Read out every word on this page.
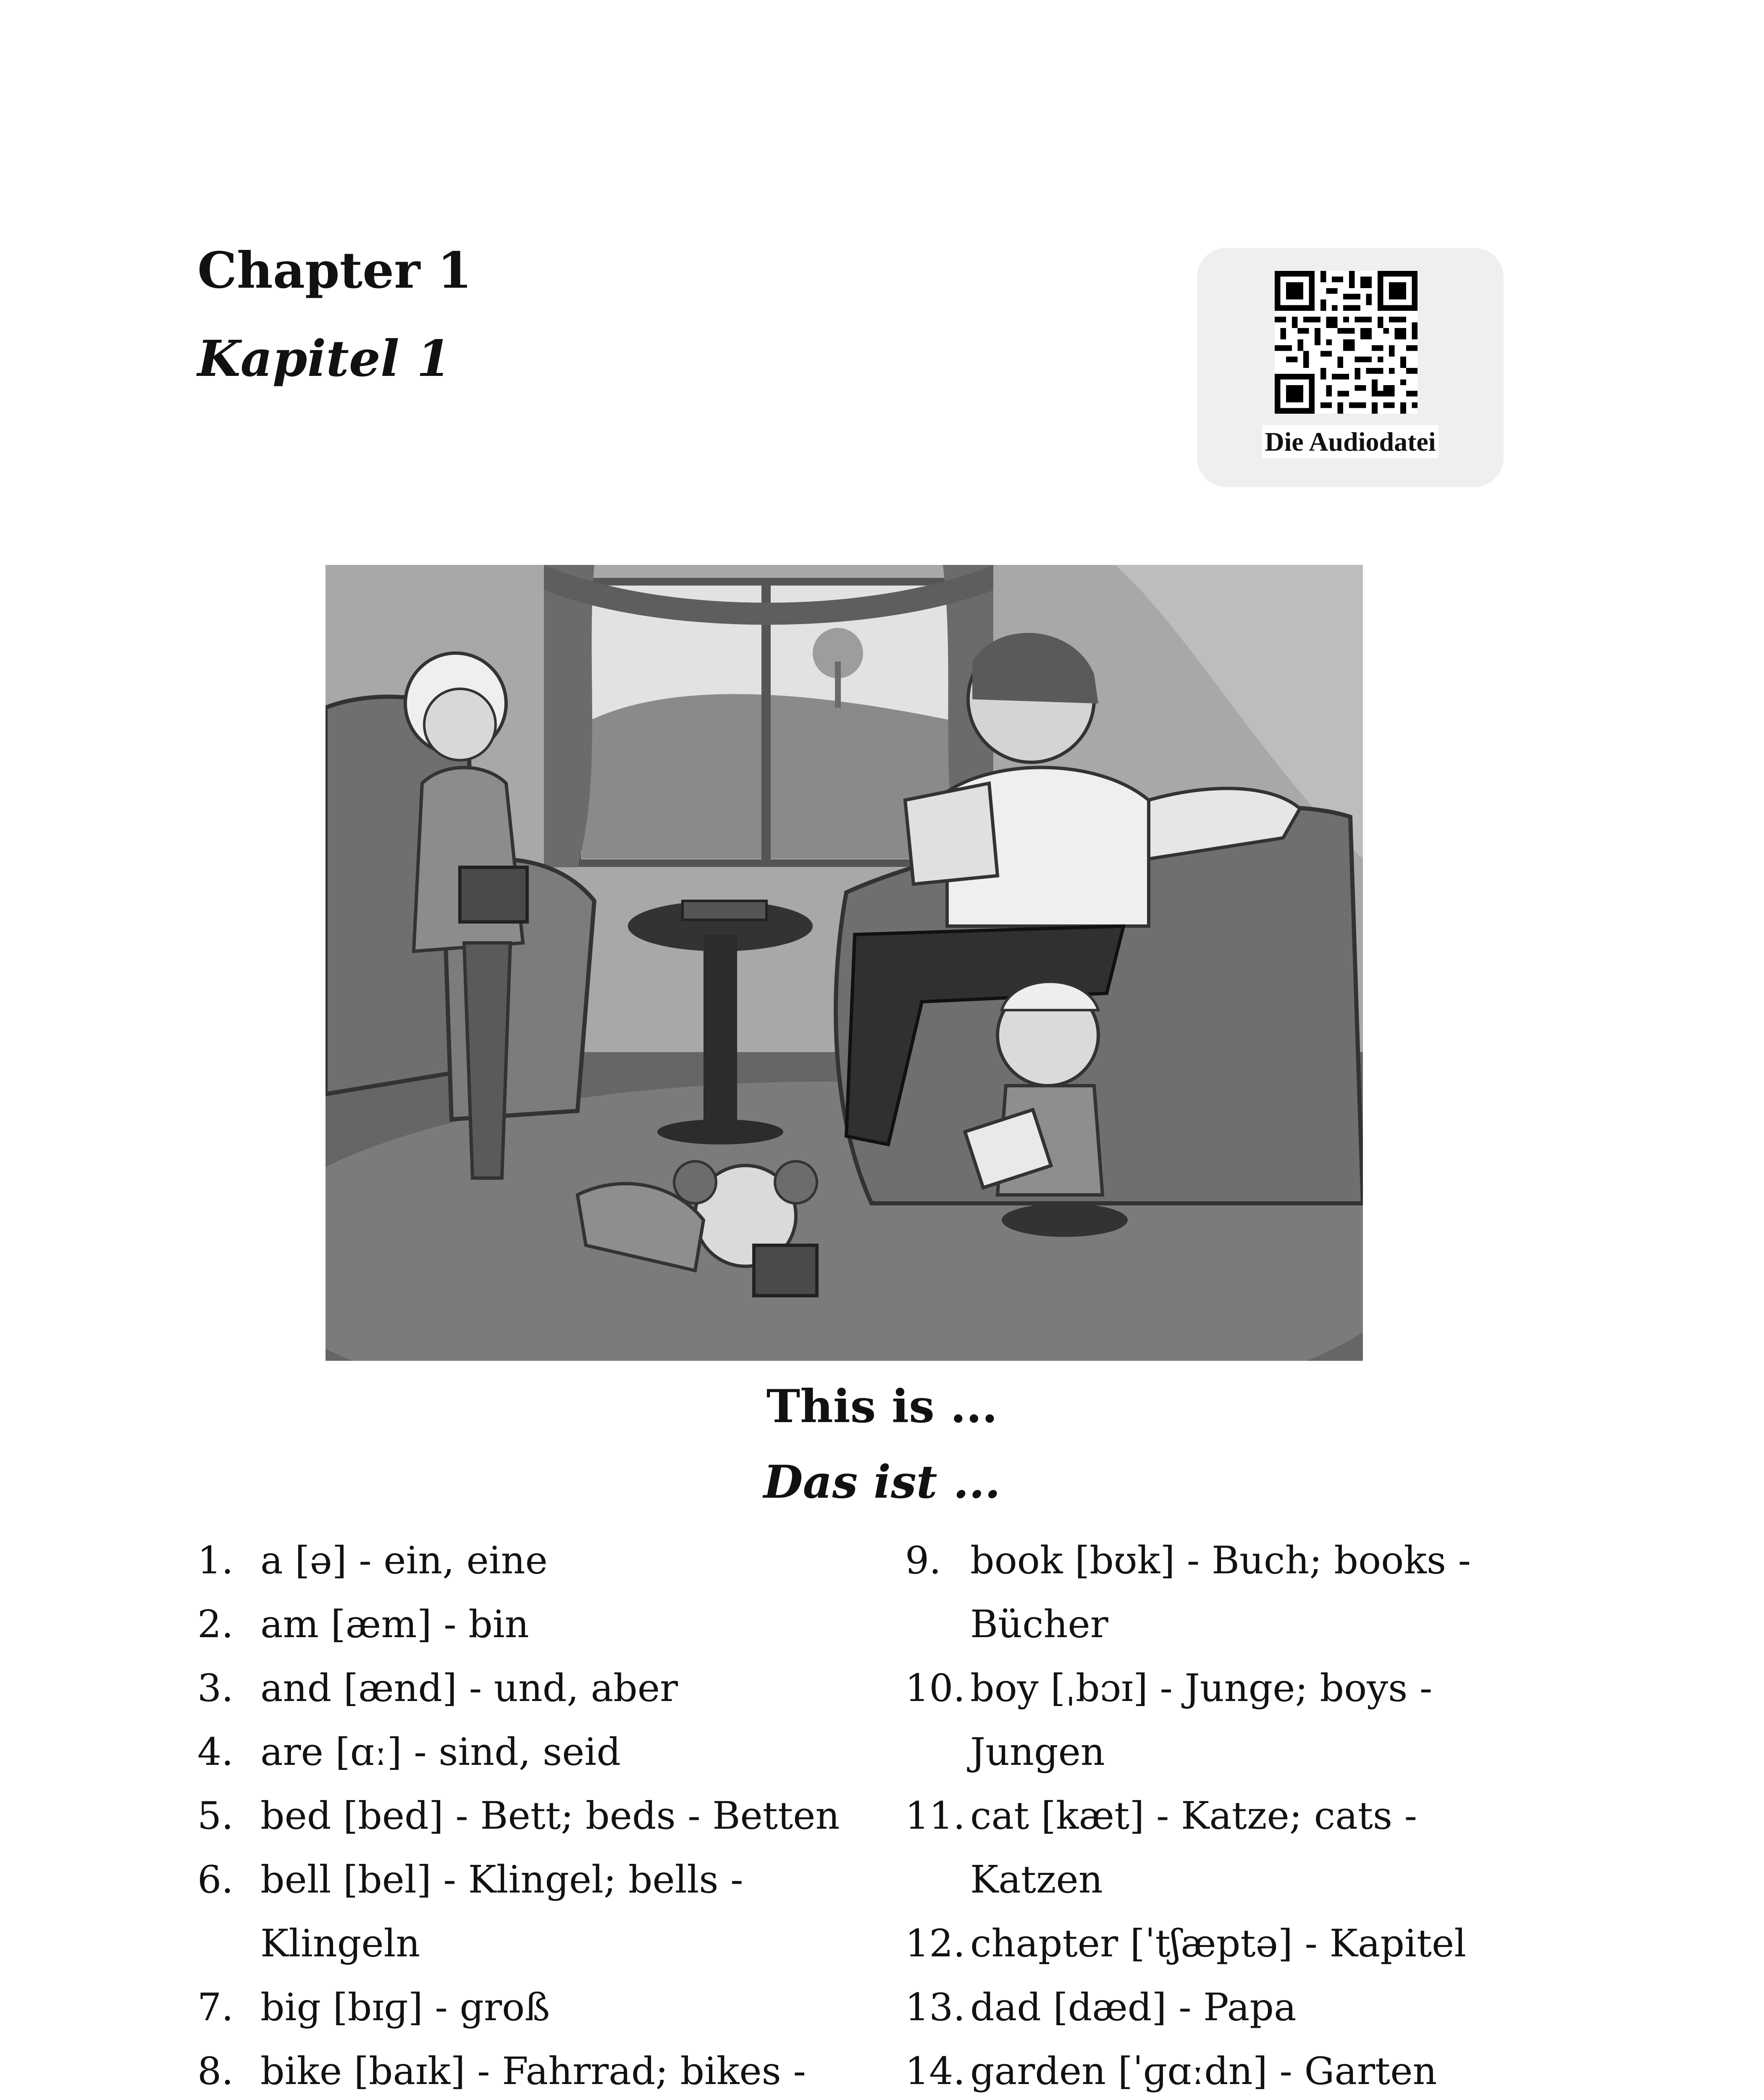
Chapter 1
Kapitel 1
Die Audiodatei
This is ...
Das ist ...
1. a [ə] - ein, eine
2. am [æm] - bin
3. and [ænd] - und, aber
4. are [ɑː] - sind, seid
5. bed [bed] - Bett; beds - Betten
6. bell [bel] - Klingel; bells - Klingeln
7. big [bɪɡ] - groß
8. bike [baɪk] - Fahrrad; bikes -
9. book [bʊk] - Buch; books - Bücher
10. boy [ˌbɔɪ] - Junge; boys - Jungen
11. cat [kæt] - Katze; cats - Katzen
12. chapter [ˈtʃæptə] - Kapitel
13. dad [dæd] - Papa
14. garden [ˈɡɑːdn] - Garten
